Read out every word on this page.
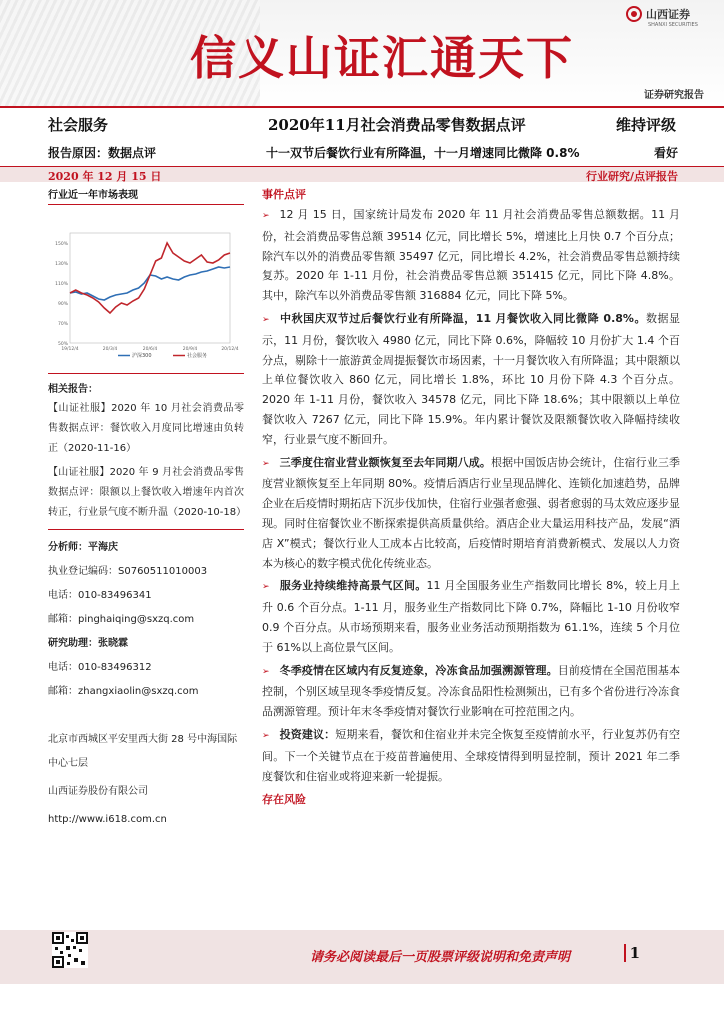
信义山证汇通天下
山西证券
SHANXI SECURITIES
证券研究报告
社会服务	2020年11月社会消费品零售数据点评	维持评级
报告原因：数据点评	十一双节后餐饮行业有所降温，十一月增速同比微降 0.8%	看好
2020 年 12 月 15 日	行业研究/点评报告
行业近一年市场表现
150%
130%
110%
90%
70%
50%
19/12/4	20/3/4	20/6/4	20/9/4	20/12/4
沪深300	社会服务
相关报告：

【山证社服】2020 年 10 月社会消费品零售数据点评：餐饮收入月度同比增速由负转正（2020-11-16）

【山证社服】2020 年 9 月社会消费品零售数据点评：限额以上餐饮收入增速年内首次转正，行业景气度不断升温（2020-10-18）

分析师：平海庆
执业登记编码：S0760511010003
电话：010-83496341
邮箱：pinghaiqing@sxzq.com
研究助理：张晓霖
电话：010-83496312
邮箱：zhangxiaolin@sxzq.com
北京市西城区平安里西大街 28 号中海国际中心七层
山西证券股份有限公司
http://www.i618.com.cn
事件点评
➢ 12 月 15 日，国家统计局发布 2020 年 11 月社会消费品零售总额数据。11 月份，社会消费品零售总额 39514 亿元，同比增长 5%，增速比上月快 0.7 个百分点；除汽车以外的消费品零售额 35497 亿元，同比增长 4.2%，社会消费品零售总额持续复苏。2020 年 1-11 月份，社会消费品零售总额 351415 亿元，同比下降 4.8%。其中，除汽车以外消费品零售额 316884 亿元，同比下降 5%。
➢ 中秋国庆双节过后餐饮行业有所降温，11 月餐饮收入同比微降 0.8%。数据显示，11 月份，餐饮收入 4980 亿元，同比下降 0.6%，降幅较 10 月份扩大 1.4 个百分点，剔除十一旅游黄金周提振餐饮市场因素，十一月餐饮收入有所降温；其中限额以上单位餐饮收入 860 亿元，同比增长 1.8%，环比 10 月份下降 4.3 个百分点。2020 年 1-11 月份，餐饮收入 34578 亿元，同比下降 18.6%；其中限额以上单位餐饮收入 7267 亿元，同比下降 15.9%。年内累计餐饮及限额餐饮收入降幅持续收窄，行业景气度不断回升。
➢ 三季度住宿业营业额恢复至去年同期八成。根据中国饭店协会统计，住宿行业三季度营业额恢复至上年同期 80%。疫情后酒店行业呈现品牌化、连锁化加速趋势，品牌企业在后疫情时期拓店下沉步伐加快，住宿行业强者愈强、弱者愈弱的马太效应逐步显现。同时住宿餐饮业不断探索提供高质量供给。酒店企业大量运用科技产品，发展“酒店 X”模式；餐饮行业人工成本占比较高，后疫情时期培育消费新模式、发展以人力资本为核心的数字模式优化传统业态。
➢ 服务业持续维持高景气区间。11 月全国服务业生产指数同比增长 8%，较上月上升 0.6 个百分点。1-11 月，服务业生产指数同比下降 0.7%，降幅比 1-10 月份收窄 0.9 个百分点。从市场预期来看，服务业业务活动预期指数为 61.1%，连续 5 个月位于 61%以上高位景气区间。
➢ 冬季疫情在区域内有反复迹象，冷冻食品加强溯源管理。目前疫情在全国范围基本控制，个别区域呈现冬季疫情反复。冷冻食品阳性检测频出，已有多个省份进行冷冻食品溯源管理。预计年末冬季疫情对餐饮行业影响在可控范围之内。
➢ 投资建议：短期来看，餐饮和住宿业并未完全恢复至疫情前水平，行业复苏仍有空间。下一个关键节点在于疫苗普遍使用、全球疫情得到明显控制，预计 2021 年二季度餐饮和住宿业或将迎来新一轮提振。
存在风险
请务必阅读最后一页股票评级说明和免责声明	1
